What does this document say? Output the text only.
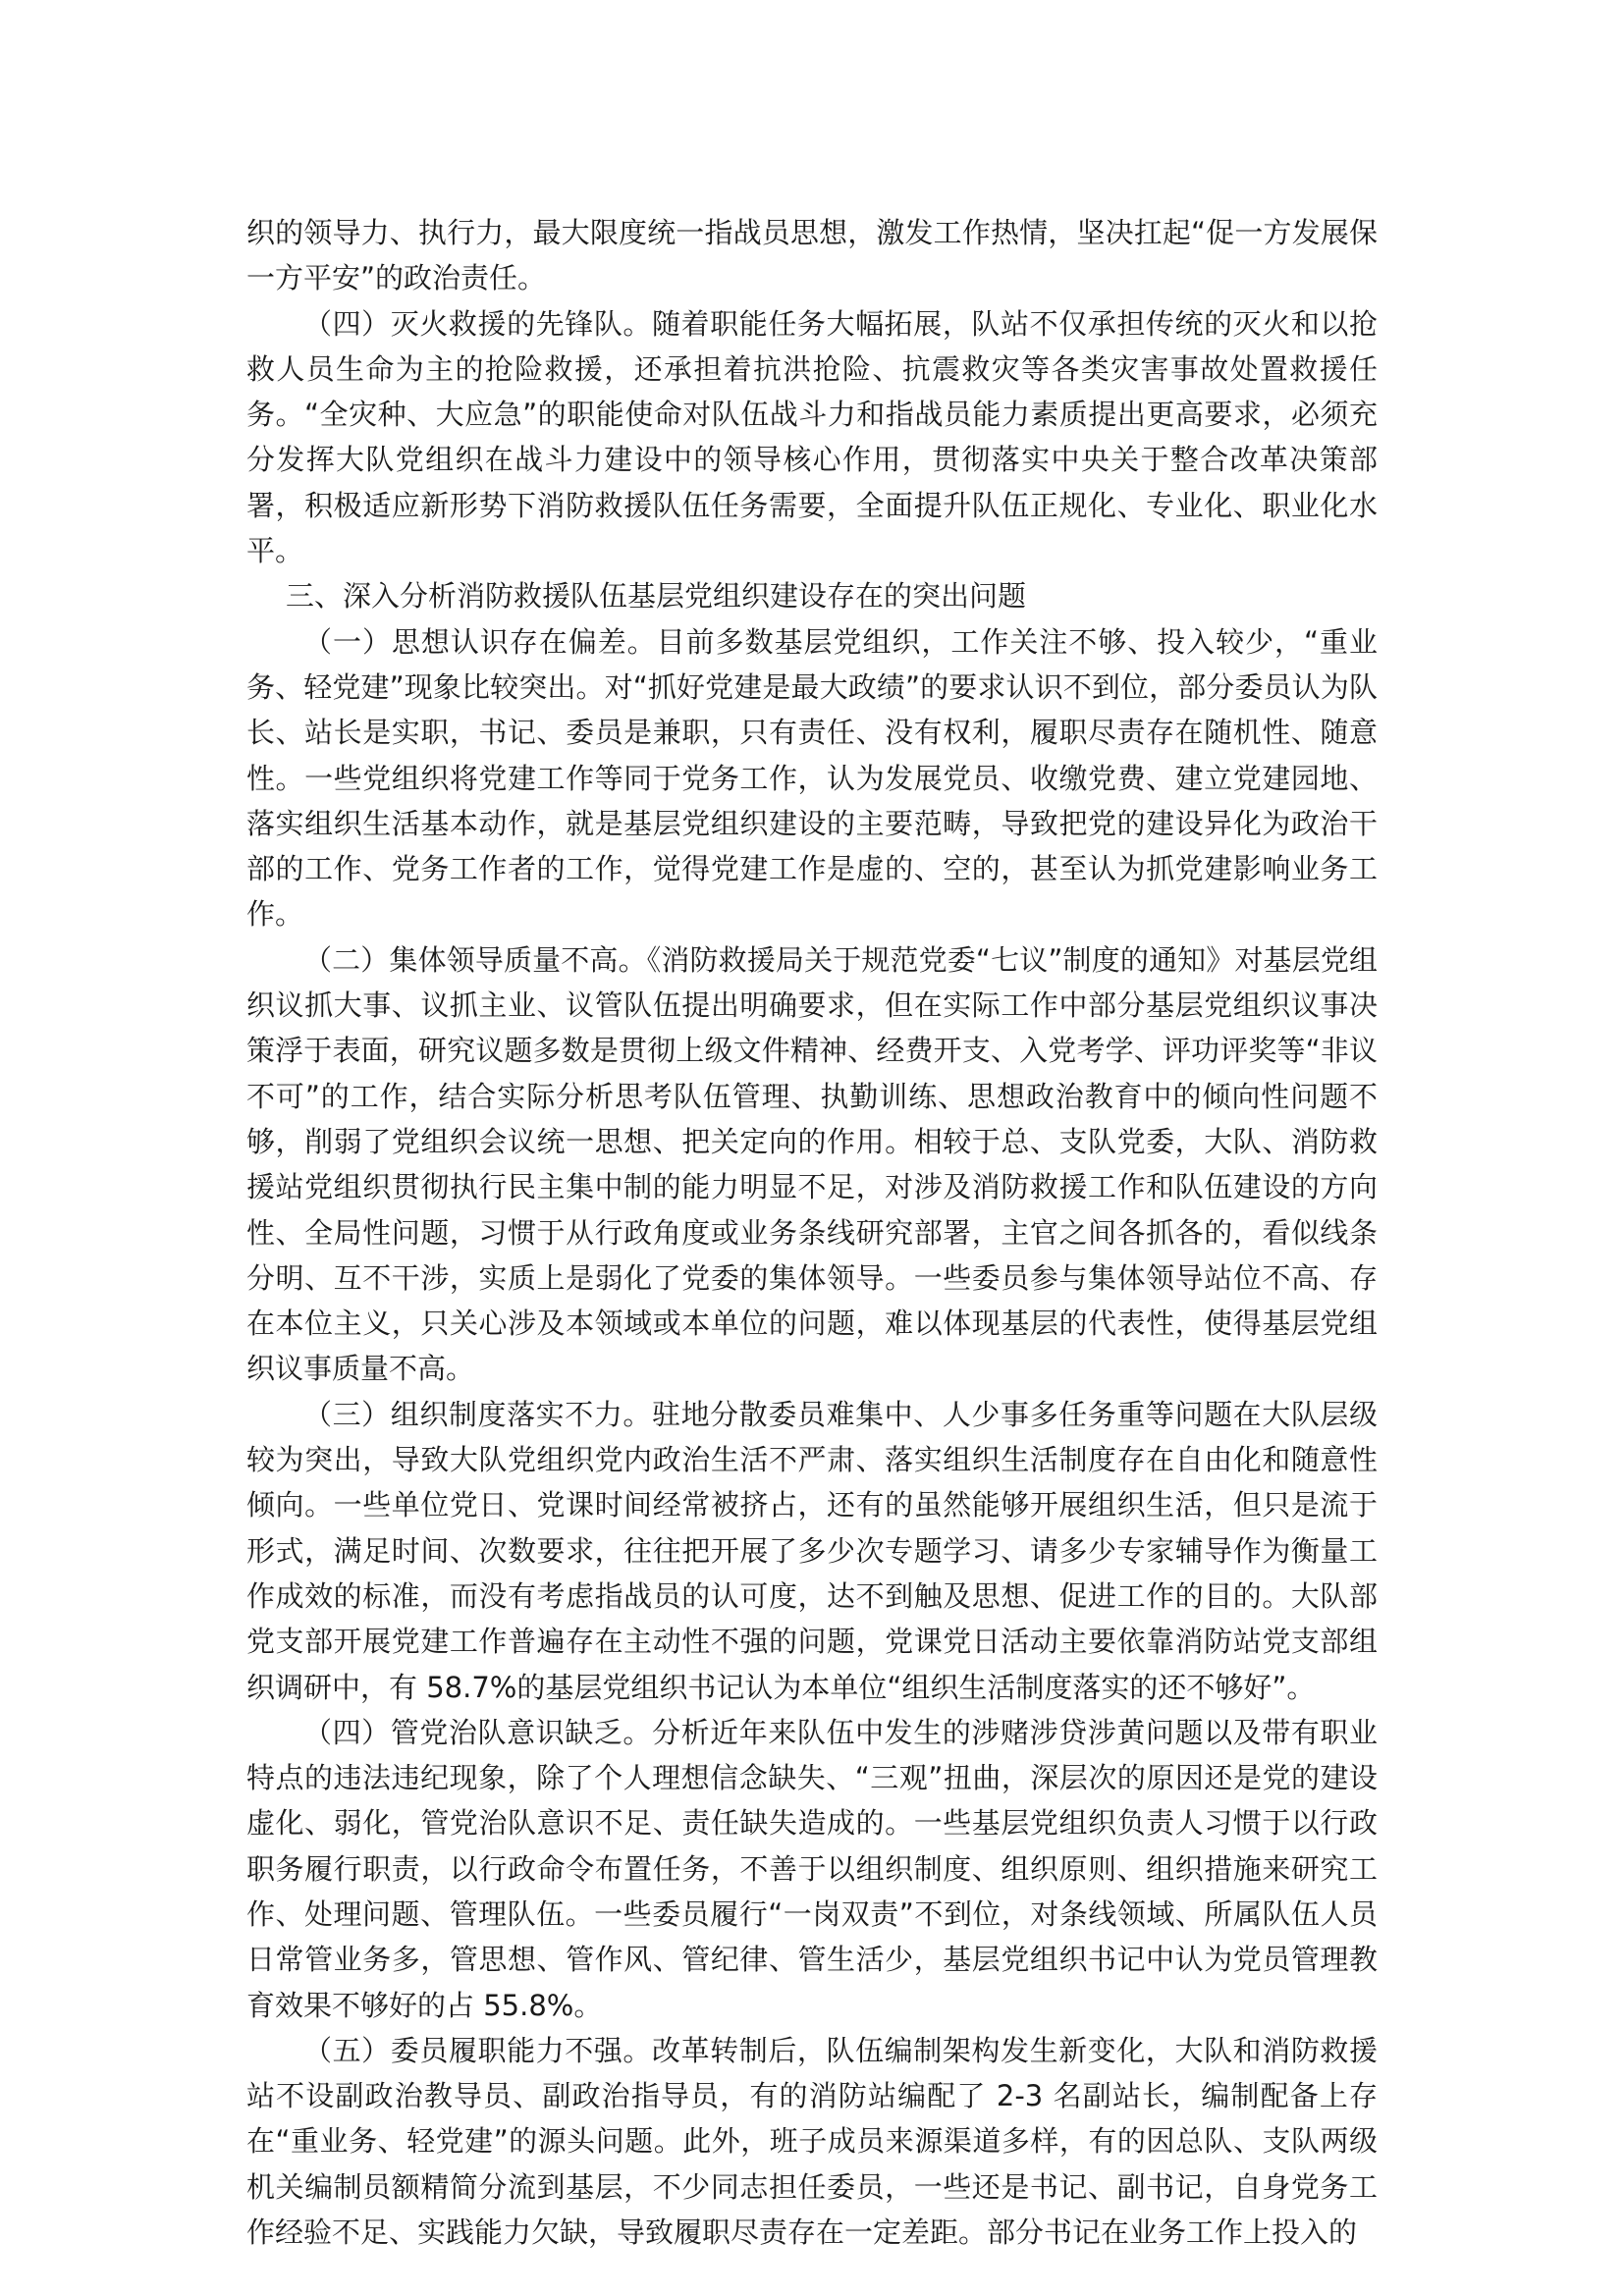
织的领导力、执行力，最大限度统一指战员思想，激发工作热情，坚决扛起“促一方发展保一方平安”的政治责任。

（四）灭火救援的先锋队。随着职能任务大幅拓展，队站不仅承担传统的灭火和以抢救人员生命为主的抢险救援，还承担着抗洪抢险、抗震救灾等各类灾害事故处置救援任务。“全灾种、大应急”的职能使命对队伍战斗力和指战员能力素质提出更高要求，必须充分发挥大队党组织在战斗力建设中的领导核心作用，贯彻落实中央关于整合改革决策部署，积极适应新形势下消防救援队伍任务需要，全面提升队伍正规化、专业化、职业化水平。

三、深入分析消防救援队伍基层党组织建设存在的突出问题

（一）思想认识存在偏差。目前多数基层党组织，工作关注不够、投入较少，“重业务、轻党建”现象比较突出。对“抓好党建是最大政绩”的要求认识不到位，部分委员认为队长、站长是实职，书记、委员是兼职，只有责任、没有权利，履职尽责存在随机性、随意性。一些党组织将党建工作等同于党务工作，认为发展党员、收缴党费、建立党建园地、落实组织生活基本动作，就是基层党组织建设的主要范畴，导致把党的建设异化为政治干部的工作、党务工作者的工作，觉得党建工作是虚的、空的，甚至认为抓党建影响业务工作。

（二）集体领导质量不高。《消防救援局关于规范党委“七议”制度的通知》对基层党组织议抓大事、议抓主业、议管队伍提出明确要求，但在实际工作中部分基层党组织议事决策浮于表面，研究议题多数是贯彻上级文件精神、经费开支、入党考学、评功评奖等“非议不可”的工作，结合实际分析思考队伍管理、执勤训练、思想政治教育中的倾向性问题不够，削弱了党组织会议统一思想、把关定向的作用。相较于总、支队党委，大队、消防救援站党组织贯彻执行民主集中制的能力明显不足，对涉及消防救援工作和队伍建设的方向性、全局性问题，习惯于从行政角度或业务条线研究部署，主官之间各抓各的，看似线条分明、互不干涉，实质上是弱化了党委的集体领导。一些委员参与集体领导站位不高、存在本位主义，只关心涉及本领域或本单位的问题，难以体现基层的代表性，使得基层党组织议事质量不高。

（三）组织制度落实不力。驻地分散委员难集中、人少事多任务重等问题在大队层级较为突出，导致大队党组织党内政治生活不严肃、落实组织生活制度存在自由化和随意性倾向。一些单位党日、党课时间经常被挤占，还有的虽然能够开展组织生活，但只是流于形式，满足时间、次数要求，往往把开展了多少次专题学习、请多少专家辅导作为衡量工作成效的标准，而没有考虑指战员的认可度，达不到触及思想、促进工作的目的。大队部党支部开展党建工作普遍存在主动性不强的问题，党课党日活动主要依靠消防站党支部组织调研中，有 58.7%的基层党组织书记认为本单位“组织生活制度落实的还不够好”。

（四）管党治队意识缺乏。分析近年来队伍中发生的涉赌涉贷涉黄问题以及带有职业特点的违法违纪现象，除了个人理想信念缺失、“三观”扭曲，深层次的原因还是党的建设虚化、弱化，管党治队意识不足、责任缺失造成的。一些基层党组织负责人习惯于以行政职务履行职责，以行政命令布置任务，不善于以组织制度、组织原则、组织措施来研究工作、处理问题、管理队伍。一些委员履行“一岗双责”不到位，对条线领域、所属队伍人员日常管业务多，管思想、管作风、管纪律、管生活少，基层党组织书记中认为党员管理教育效果不够好的占 55.8%。

（五）委员履职能力不强。改革转制后，队伍编制架构发生新变化，大队和消防救援站不设副政治教导员、副政治指导员，有的消防站编配了 2-3 名副站长，编制配备上存在“重业务、轻党建”的源头问题。此外，班子成员来源渠道多样，有的因总队、支队两级机关编制员额精简分流到基层，不少同志担任委员，一些还是书记、副书记，自身党务工作经验不足、实践能力欠缺，导致履职尽责存在一定差距。部分书记在业务工作上投入的
